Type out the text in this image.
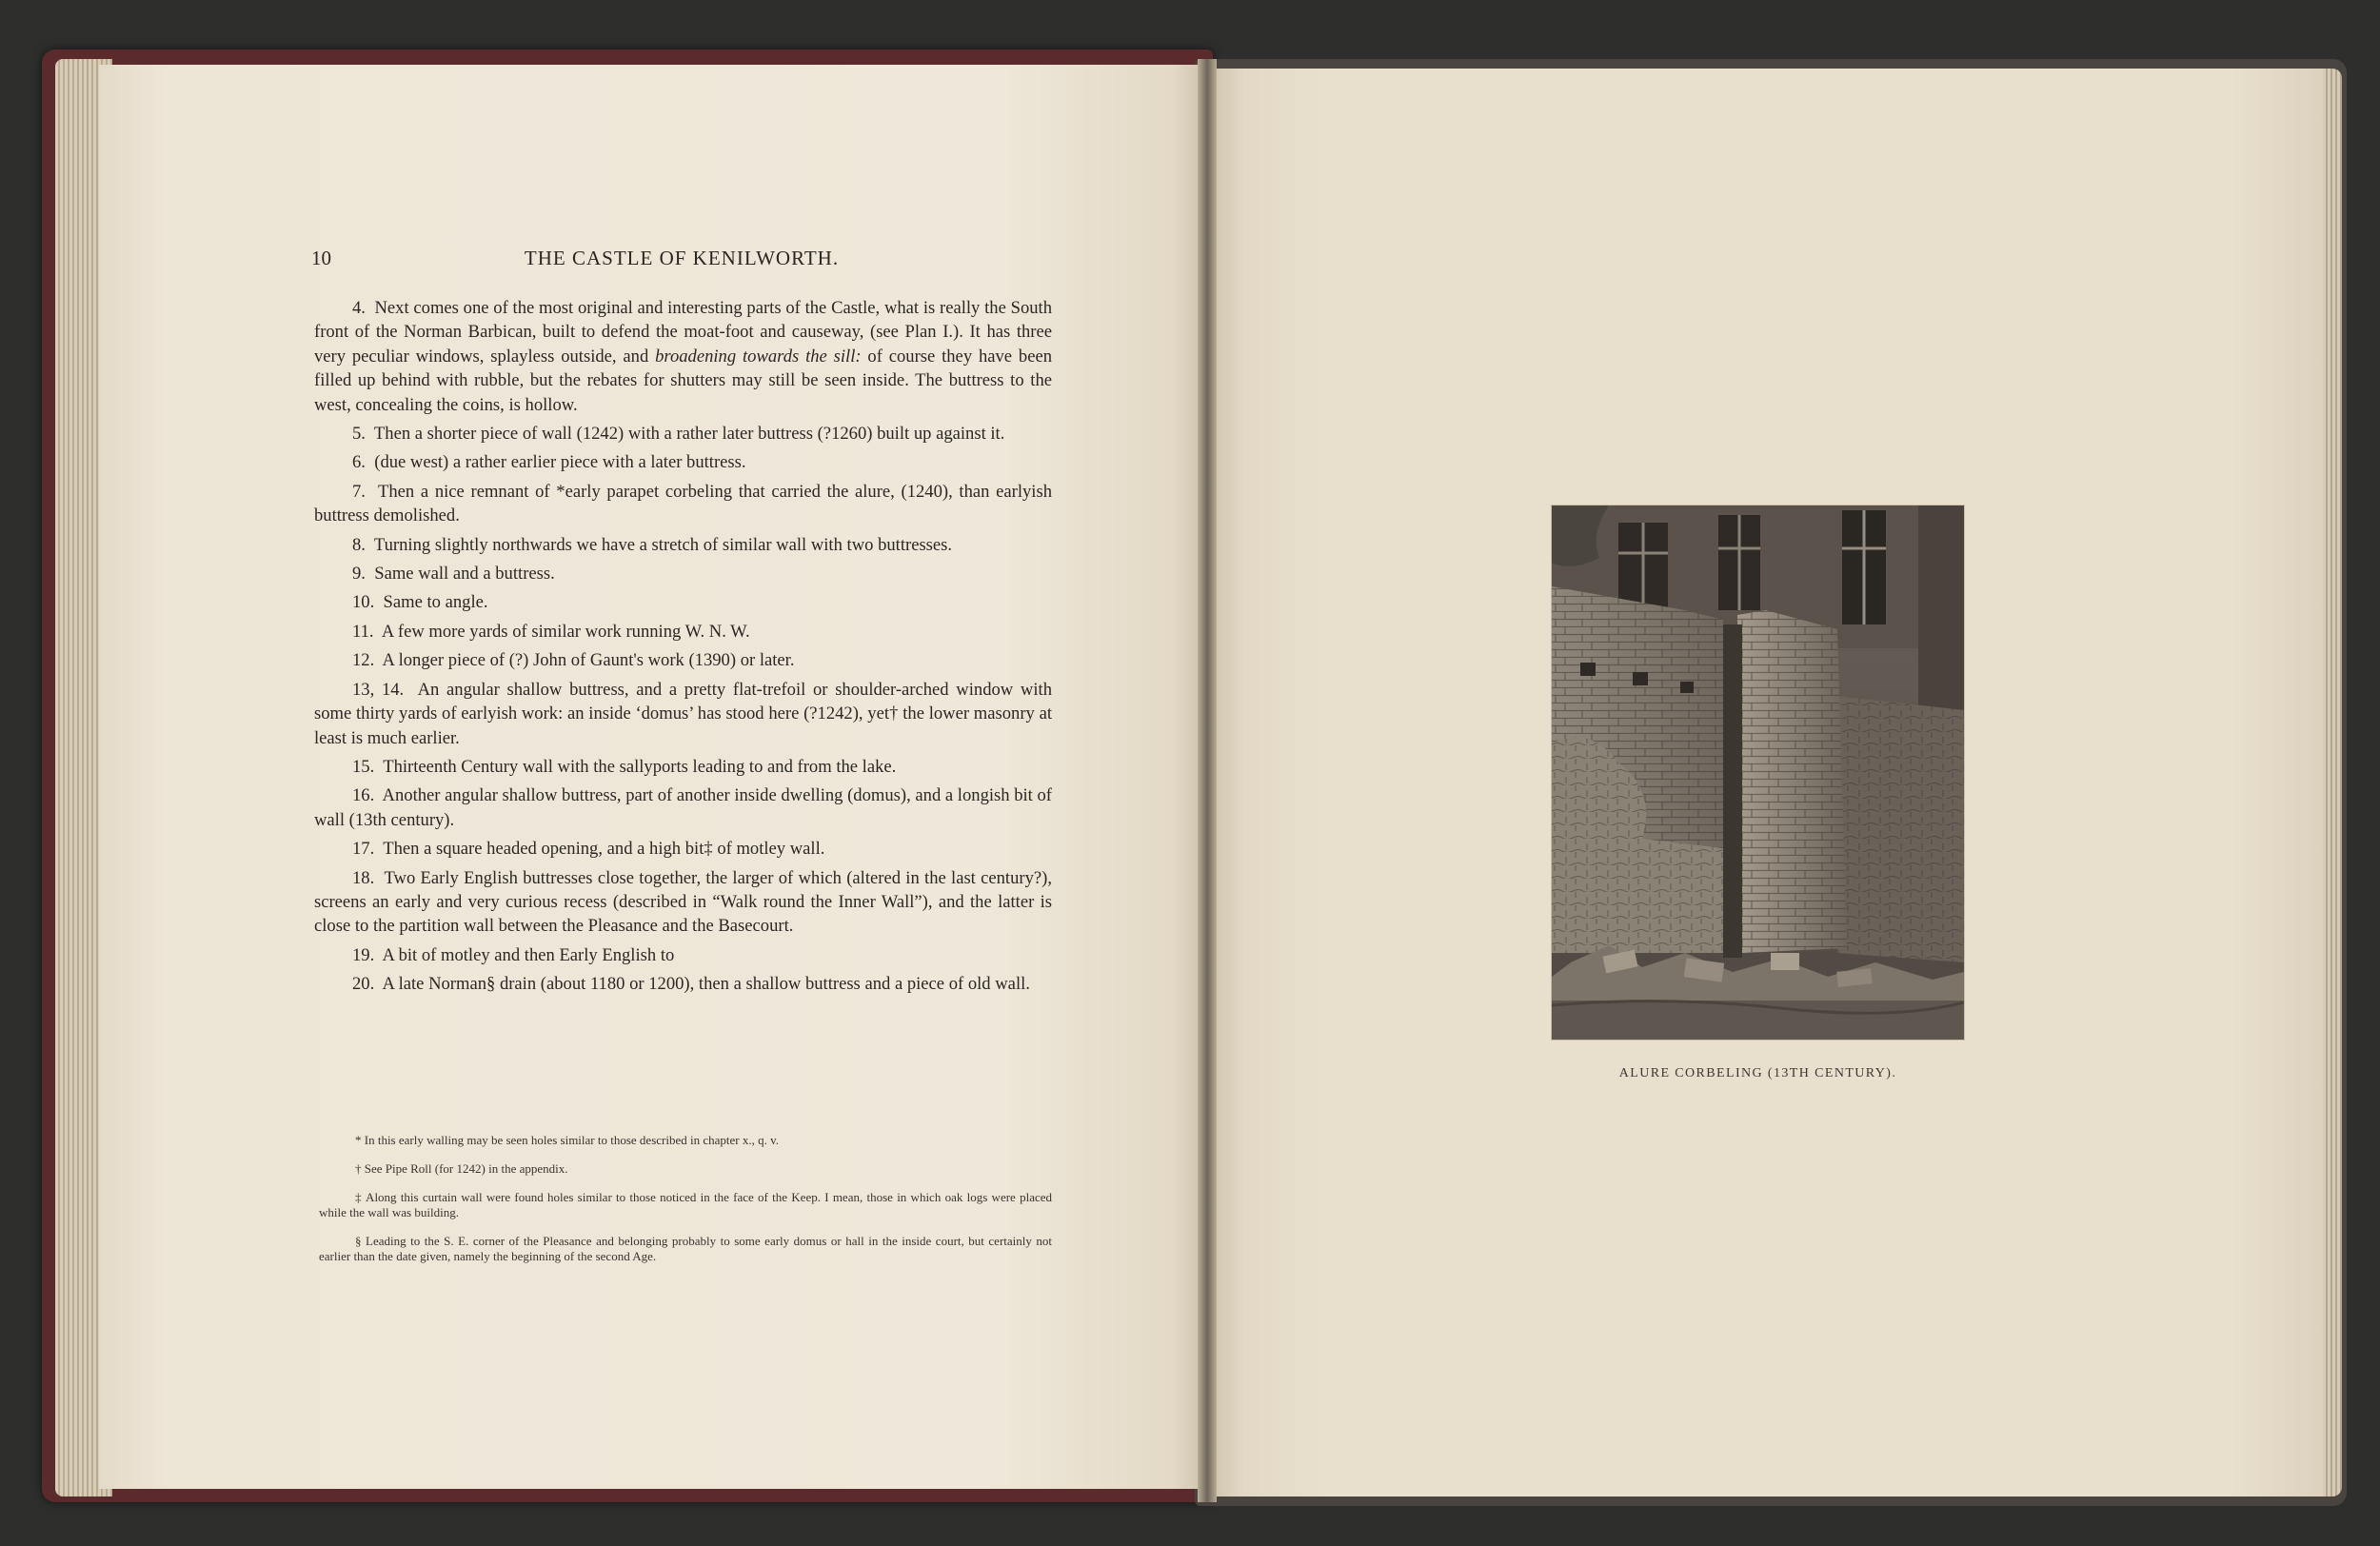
10	THE CASTLE OF KENILWORTH.

4. Next comes one of the most original and interesting parts of the Castle, what is really the South front of the Norman Barbican, built to defend the moat-foot and causeway, (see Plan I.). It has three very peculiar windows, splayless outside, and broadening towards the sill: of course they have been filled up behind with rubble, but the rebates for shutters may still be seen inside. The buttress to the west, concealing the coins, is hollow.

5. Then a shorter piece of wall (1242) with a rather later buttress (?1260) built up against it.

6. (due west) a rather earlier piece with a later buttress.

7. Then a nice remnant of *early parapet corbeling that carried the alure, (1240), than earlyish buttress demolished.

8. Turning slightly northwards we have a stretch of similar wall with two buttresses.

9. Same wall and a buttress.

10. Same to angle.

11. A few more yards of similar work running W. N. W.

12. A longer piece of (?) John of Gaunt's work (1390) or later.

13, 14. An angular shallow buttress, and a pretty flat-trefoil or shoulder-arched window with some thirty yards of earlyish work: an inside ‘domus’ has stood here (?1242), yet† the lower masonry at least is much earlier.

15. Thirteenth Century wall with the sallyports leading to and from the lake.

16. Another angular shallow buttress, part of another inside dwelling (domus), and a longish bit of wall (13th century).

17. Then a square headed opening, and a high bit‡ of motley wall.

18. Two Early English buttresses close together, the larger of which (altered in the last century?), screens an early and very curious recess (described in “Walk round the Inner Wall”), and the latter is close to the partition wall between the Pleasance and the Basecourt.

19. A bit of motley and then Early English to

20. A late Norman§ drain (about 1180 or 1200), then a shallow buttress and a piece of old wall.

* In this early walling may be seen holes similar to those described in chapter x., q. v.

† See Pipe Roll (for 1242) in the appendix.

‡ Along this curtain wall were found holes similar to those noticed in the face of the Keep. I mean, those in which oak logs were placed while the wall was building.

§ Leading to the S. E. corner of the Pleasance and belonging probably to some early domus or hall in the inside court, but certainly not earlier than the date given, namely the beginning of the second Age.

ALURE CORBELING (13TH CENTURY).
